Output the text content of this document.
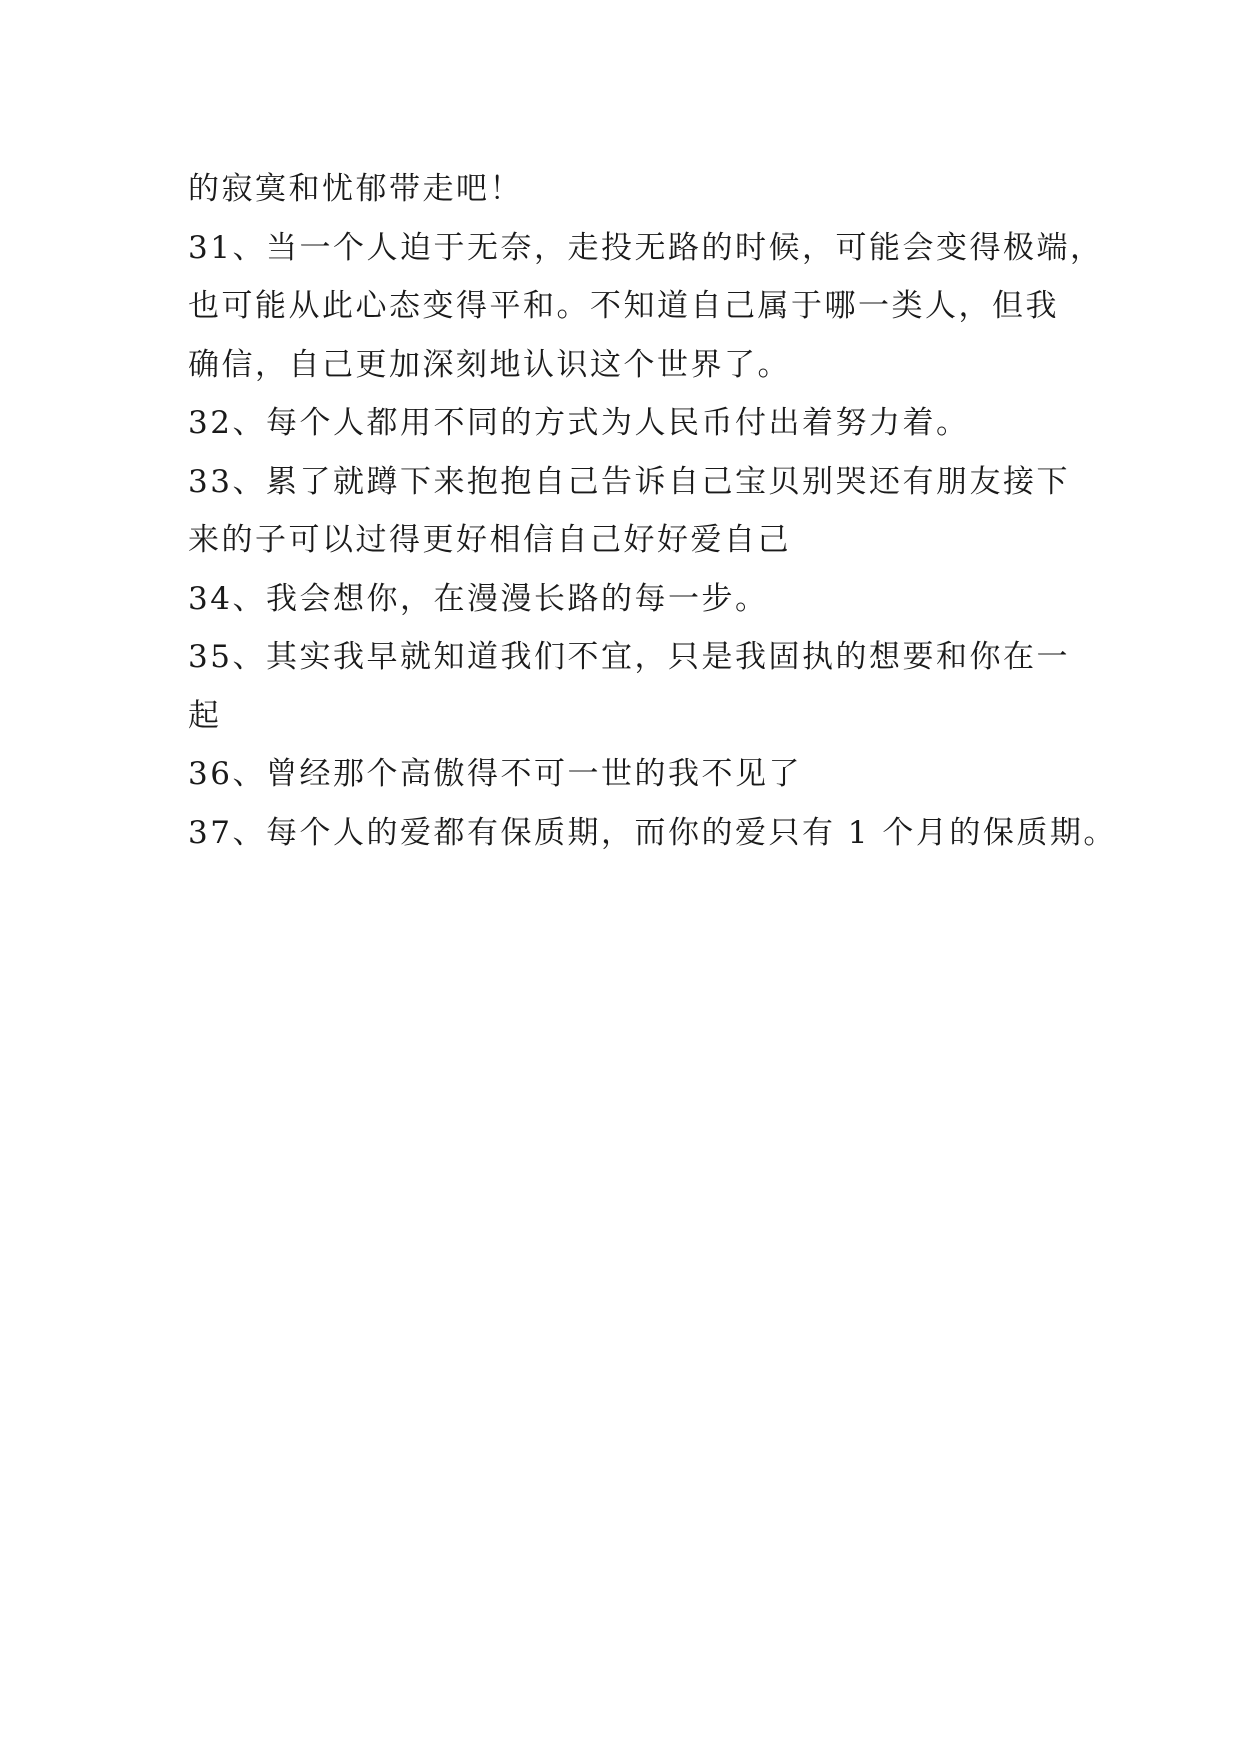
的寂寞和忧郁带走吧！

31、当一个人迫于无奈，走投无路的时候，可能会变得极端，

也可能从此心态变得平和。不知道自己属于哪一类人，但我

确信，自己更加深刻地认识这个世界了。

32、每个人都用不同的方式为人民币付出着努力着。

33、累了就蹲下来抱抱自己告诉自己宝贝别哭还有朋友接下

来的子可以过得更好相信自己好好爱自己

34、我会想你，在漫漫长路的每一步。

35、其实我早就知道我们不宜，只是我固执的想要和你在一

起

36、曾经那个高傲得不可一世的我不见了

37、每个人的爱都有保质期，而你的爱只有 1 个月的保质期。
